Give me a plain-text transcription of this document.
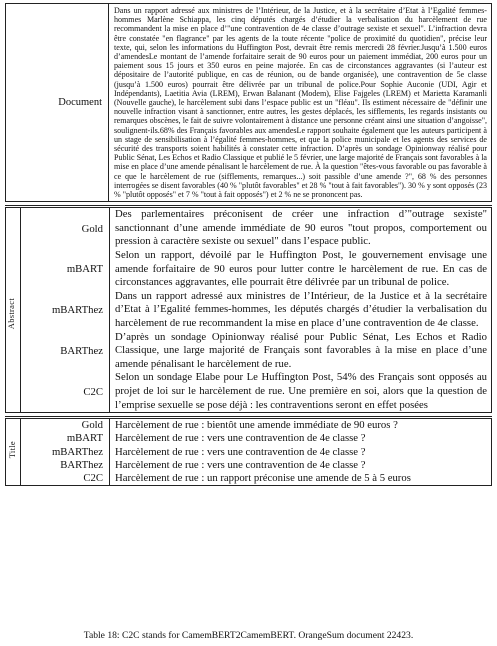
Document	Dans un rapport adressé aux ministres de l’Intérieur, de la Justice, et à la secrétaire d’Etat à l’Egalité femmes-hommes Marlène Schiappa, les cinq députés chargés d’étudier la verbalisation du harcèlement de rue recommandent la mise en place d’"une contravention de 4e classe d’outrage sexiste et sexuel". L’infraction devra être constatée "en flagrance" par les agents de la toute récente "police de proximité du quotidien", précise leur texte, qui, selon les informations du Huffington Post, devrait être remis mercredi 28 février.Jusqu’à 1.500 euros d’amendesLe montant de l’amende forfaitaire serait de 90 euros pour un paiement immédiat, 200 euros pour un paiement sous 15 jours et 350 euros en peine majorée. En cas de circonstances aggravantes (si l’auteur est dépositaire de l’autorité publique, en cas de réunion, ou de bande organisée), une contravention de 5e classe (jusqu’à 1.500 euros) pourrait être délivrée par un tribunal de police.Pour Sophie Auconie (UDI, Agir et Indépendants), Laetitia Avia (LREM), Erwan Balanant (Modem), Elise Fajgeles (LREM) et Marietta Karamanli (Nouvelle gauche), le harcèlement subi dans l’espace public est un "fléau". Ils estiment nécessaire de "définir une nouvelle infraction visant à sanctionner, entre autres, les gestes déplacés, les sifflements, les regards insistants ou remarques obscènes, le fait de suivre volontairement à distance une personne créant ainsi une situation d’angoisse", soulignent-ils.68% des Français favorables aux amendesLe rapport souhaite également que les auteurs participent à un stage de sensibilisation à l’égalité femmes-hommes, et que la police municipale et les agents des services de sécurité des transports soient habilités à constater cette infraction. D’après un sondage Opinionway réalisé pour Public Sénat, Les Echos et Radio Classique et publié le 5 février, une large majorité de Français sont favorables à la mise en place d’une amende pénalisant le harcèlement de rue. À la question "êtes-vous favorable ou pas favorable à ce que le harcèlement de rue (sifflements, remarques...) soit passible d’une amende ?", 68 % des personnes interrogées se disent favorables (40 % "plutôt favorables" et 28 % "tout à fait favorables"). 30 % y sont opposés (23 % "plutôt opposés" et 7 % "tout à fait opposés") et 2 % ne se prononcent pas.
Abstract	Gold	Des parlementaires préconisent de créer une infraction d’"outrage sexiste" sanctionnant d’une amende immédiate de 90 euros "tout propos, comportement ou pression à caractère sexiste ou sexuel" dans l’espace public.
	mBART	Selon un rapport, dévoilé par le Huffington Post, le gouvernement envisage une amende forfaitaire de 90 euros pour lutter contre le harcèlement de rue. En cas de circonstances aggravantes, elle pourrait être délivrée par un tribunal de police.
	mBARThez	Dans un rapport adressé aux ministres de l’Intérieur, de la Justice et à la secrétaire d’Etat à l’Egalité femmes-hommes, les députés chargés d’étudier la verbalisation du harcèlement de rue recommandent la mise en place d’une contravention de 4e classe.
	BARThez	D’après un sondage Opinionway réalisé pour Public Sénat, Les Echos et Radio Classique, une large majorité de Français sont favorables à la mise en place d’une amende pénalisant le harcèlement de rue.
	C2C	Selon un sondage Elabe pour Le Huffington Post, 54% des Français sont opposés au projet de loi sur le harcèlement de rue. Une première en soi, alors que la question de l’emprise sexuelle se pose déjà : les contraventions seront en effet posées
Title	Gold	Harcèlement de rue : bientôt une amende immédiate de 90 euros ?
	mBART	Harcèlement de rue : vers une contravention de 4e classe ?
	mBARThez	Harcèlement de rue : vers une contravention de 4e classe ?
	BARThez	Harcèlement de rue : vers une contravention de 4e classe ?
	C2C	Harcèlement de rue : un rapport préconise une amende de 5 à 5 euros
Table 18: C2C stands for CamemBERT2CamemBERT. OrangeSum document 22423.
